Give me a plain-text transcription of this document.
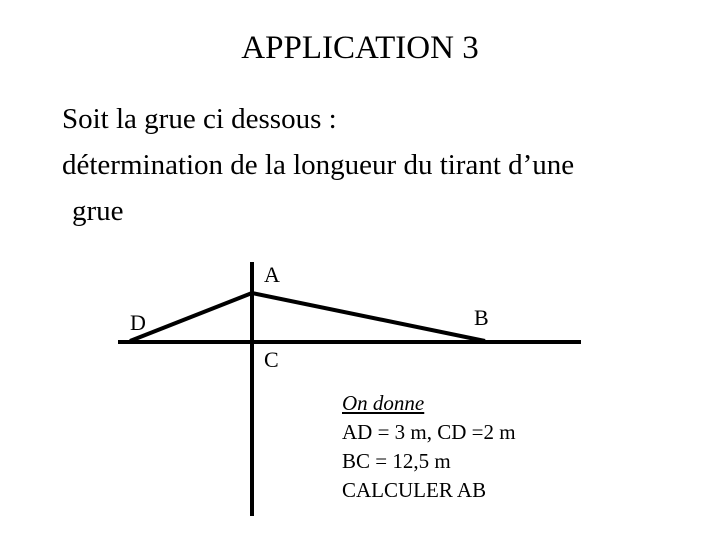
APPLICATION 3
Soit la grue ci dessous :
détermination de la longueur du tirant d’une
grue
A
B
C
D
On donne
AD = 3 m, CD =2 m
BC = 12,5 m
CALCULER AB
